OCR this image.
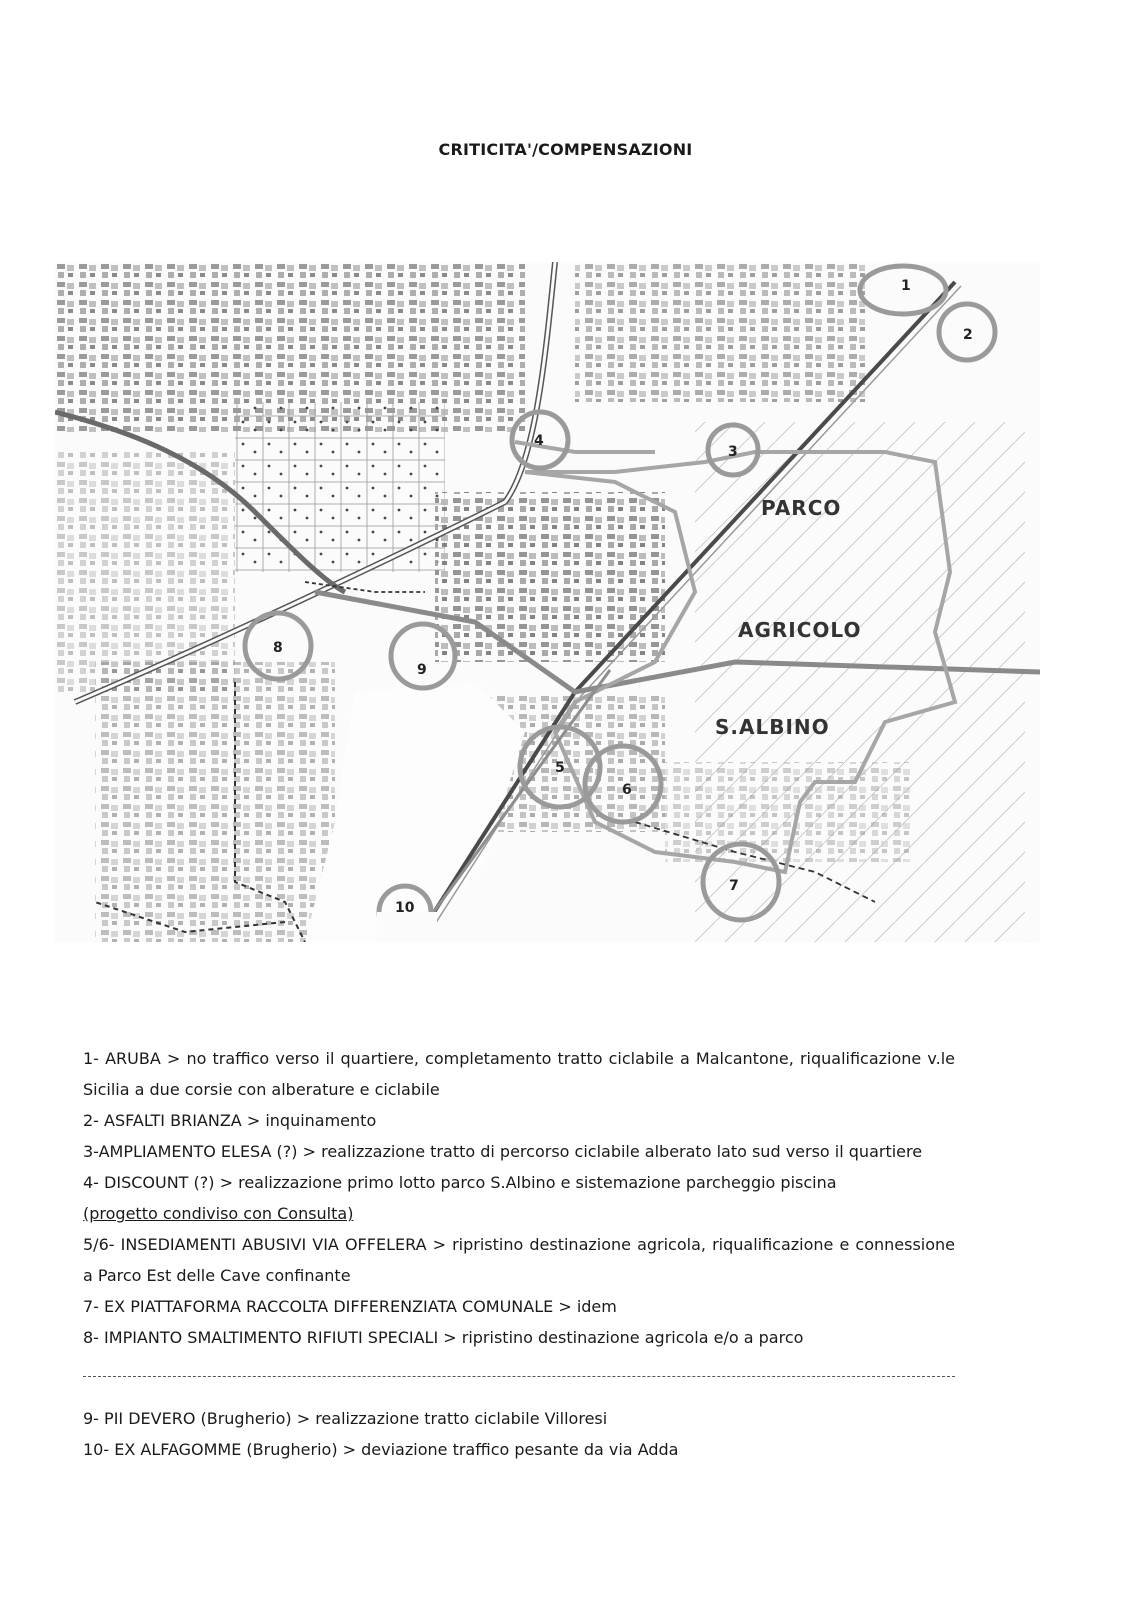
CRITICITA'/COMPENSAZIONI
1
2
3
4
5
6
7
8
9
10
PARCO
AGRICOLO
S.ALBINO

1- ARUBA > no traffico verso il quartiere, completamento tratto ciclabile a Malcantone, riqualificazione v.le Sicilia a due corsie con alberature e ciclabile

2- ASFALTI BRIANZA > inquinamento

3-AMPLIAMENTO ELESA (?) > realizzazione tratto di percorso ciclabile alberato lato sud verso il quartiere

4- DISCOUNT (?) > realizzazione primo lotto parco S.Albino e sistemazione parcheggio piscina
(progetto condiviso con Consulta)

5/6- INSEDIAMENTI ABUSIVI VIA OFFELERA > ripristino destinazione agricola, riqualificazione e connessione a Parco Est delle Cave confinante

7- EX PIATTAFORMA RACCOLTA DIFFERENZIATA COMUNALE > idem

8- IMPIANTO SMALTIMENTO RIFIUTI SPECIALI > ripristino destinazione agricola e/o a parco

9- PII DEVERO (Brugherio) > realizzazione tratto ciclabile Villoresi

10- EX ALFAGOMME (Brugherio) > deviazione traffico pesante da via Adda
